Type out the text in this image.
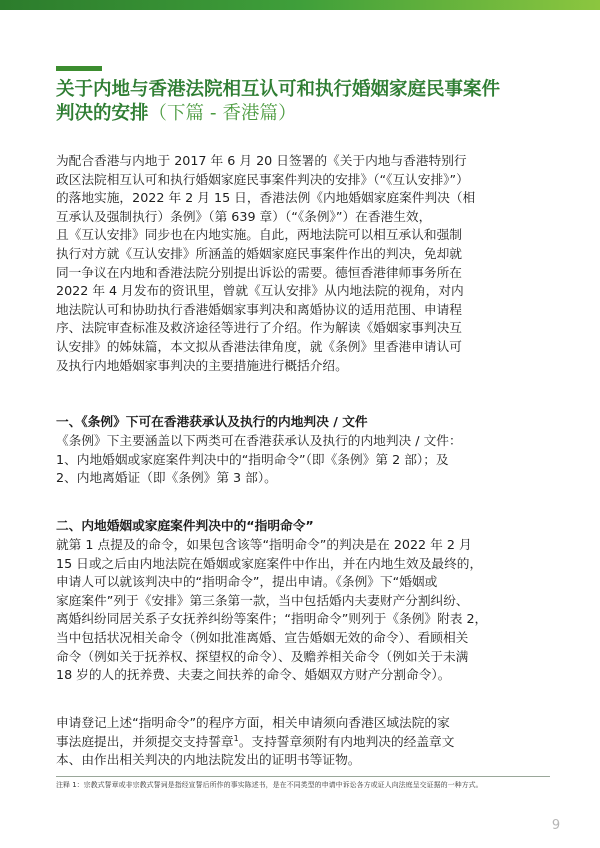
关于内地与香港法院相互认可和执行婚姻家庭民事案件
判决的安排（下篇 - 香港篇）

为配合香港与内地于 2017 年 6 月 20 日签署的《关于内地与香港特别行
政区法院相互认可和执行婚姻家庭民事案件判决的安排》（“《互认安排》”）
的落地实施，2022 年 2 月 15 日，香港法例《内地婚姻家庭案件判决（相
互承认及强制执行）条例》（第 639 章）（“《条例》”）在香港生效，
且《互认安排》同步也在内地实施。自此，两地法院可以相互承认和强制
执行对方就《互认安排》所涵盖的婚姻家庭民事案件作出的判决，免却就
同一争议在内地和香港法院分别提出诉讼的需要。德恒香港律师事务所在
2022 年 4 月发布的资讯里，曾就《互认安排》从内地法院的视角，对内
地法院认可和协助执行香港婚姻家事判决和离婚协议的适用范围、申请程
序、法院审查标准及救济途径等进行了介绍。作为解读《婚姻家事判决互
认安排》的姊妹篇，本文拟从香港法律角度，就《条例》里香港申请认可
及执行内地婚姻家事判决的主要措施进行概括介绍。

一、《条例》下可在香港获承认及执行的内地判决 / 文件

《条例》下主要涵盖以下两类可在香港获承认及执行的内地判决 / 文件：
1、内地婚姻或家庭案件判决中的“指明命令”（即《条例》第 2 部）；及
2、内地离婚证（即《条例》第 3 部）。

二、内地婚姻或家庭案件判决中的“指明命令”

就第 1 点提及的命令，如果包含该等“指明命令”的判决是在 2022 年 2 月
15 日或之后由内地法院在婚姻或家庭案件中作出，并在内地生效及最终的，
申请人可以就该判决中的“指明命令”，提出申请。《条例》下“婚姻或
家庭案件”列于《安排》第三条第一款，当中包括婚内夫妻财产分割纠纷、
离婚纠纷同居关系子女抚养纠纷等案件；“指明命令”则列于《条例》附表 2，
当中包括状况相关命令（例如批准离婚、宣告婚姻无效的命令）、看顾相关
命令（例如关于抚养权、探望权的命令）、及赡养相关命令（例如关于未满
18 岁的人的抚养费、夫妻之间扶养的命令、婚姻双方财产分割命令）。

申请登记上述“指明命令”的程序方面，相关申请须向香港区域法院的家
事法庭提出，并须提交支持誓章$^1$。支持誓章须附有内地判决的经盖章文
本、由作出相关判决的内地法院发出的证明书等证物。

注释 1：宗教式誓章或非宗教式誓词是指经宣誓后所作的事实陈述书，是在不同类型的申请中诉讼各方或证人向法庭呈交证据的一种方式。
9
